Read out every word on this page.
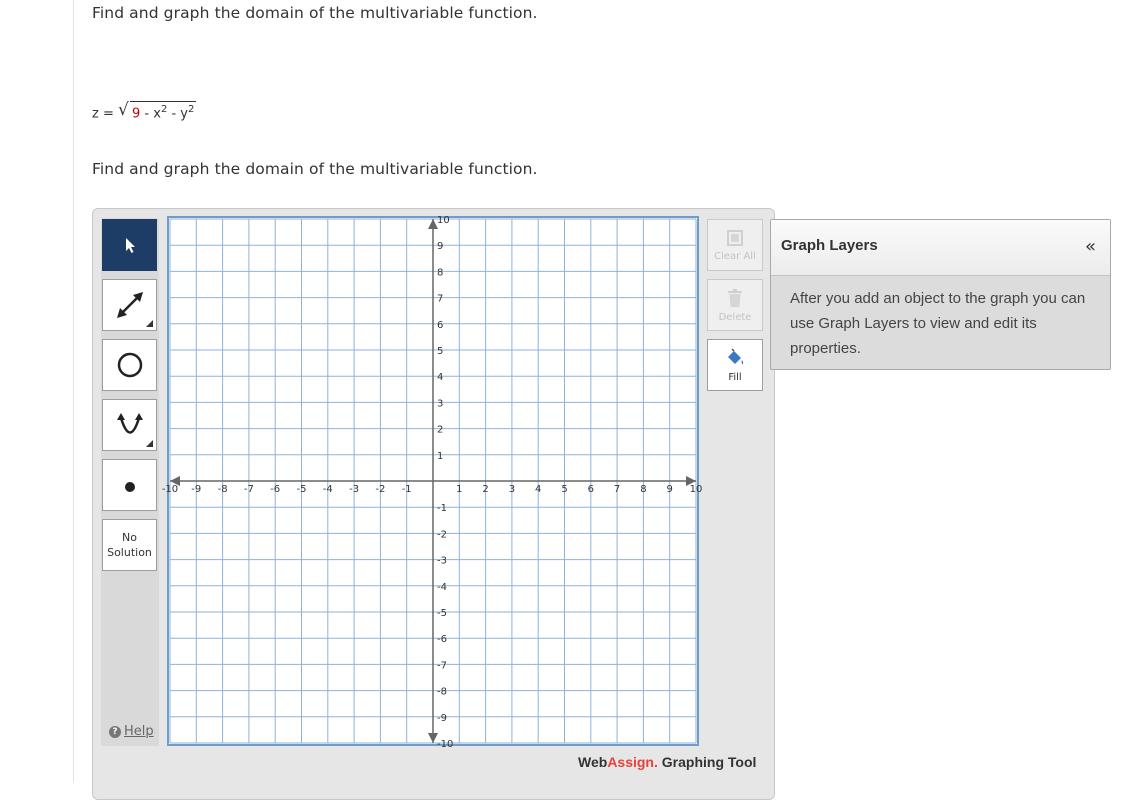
Find and graph the domain of the multivariable function.
z = √ $9 - x^2 - y^2$
Find and graph the domain of the multivariable function.
No
Solution
? Help
-10 -9 -8 -7 -6 -5 -4 -3 -2 -1	1 2 3 4 5 6 7 8 9 10
10
9
8
7
6
5
4
3
2
1
-1
-2
-3
-4
-5
-6
-7
-8
-9
-10
Clear All
Delete
Fill
WebAssign. Graphing Tool
Graph Layers	«
After you add an object to the graph you can use Graph Layers to view and edit its properties.
